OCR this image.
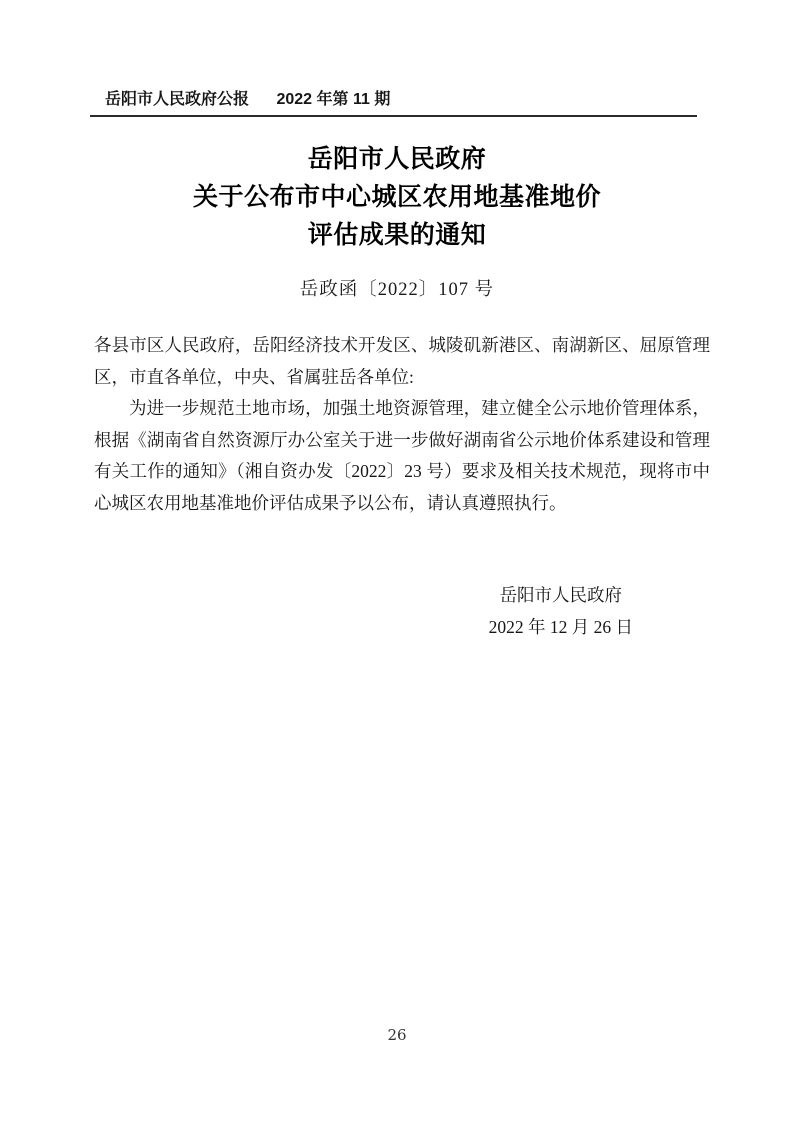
岳阳市人民政府公报 2022 年第 11 期
岳阳市人民政府
关于公布市中心城区农用地基准地价
评估成果的通知
岳政函〔2022〕107 号

各县市区人民政府，岳阳经济技术开发区、城陵矶新港区、南湖新区、屈原管理区，市直各单位，中央、省属驻岳各单位:

为进一步规范土地市场，加强土地资源管理，建立健全公示地价管理体系，根据《湖南省自然资源厅办公室关于进一步做好湖南省公示地价体系建设和管理有关工作的通知》（湘自资办发〔2022〕23 号）要求及相关技术规范，现将市中心城区农用地基准地价评估成果予以公布，请认真遵照执行。

岳阳市人民政府
2022 年 12 月 26 日
26
